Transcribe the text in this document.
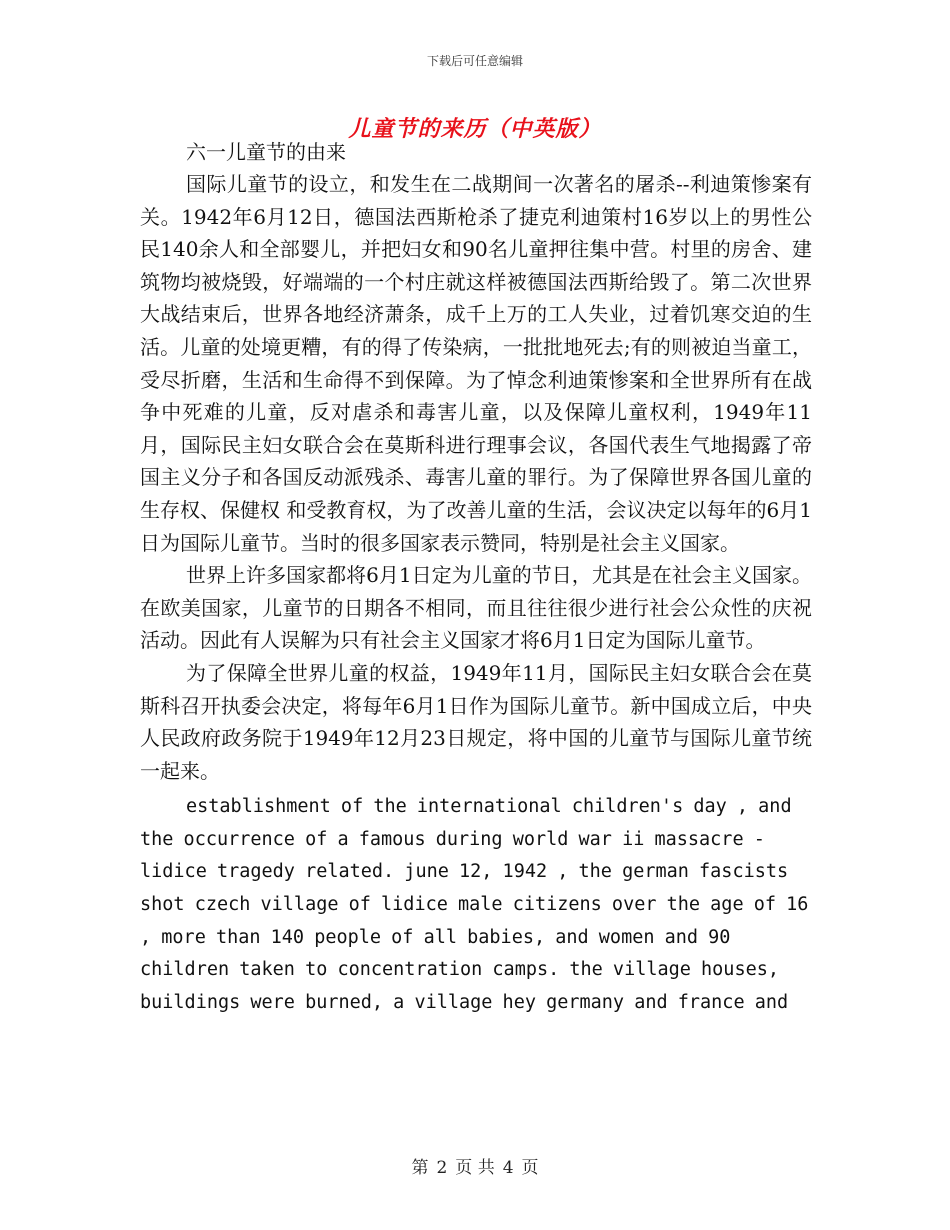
下载后可任意编辑
儿童节的来历（中英版）

六一儿童节的由来

国际儿童节的设立，和发生在二战期间一次著名的屠杀--利迪策惨案有关。1942年6月12日，德国法西斯枪杀了捷克利迪策村16岁以上的男性公民140余人和全部婴儿，并把妇女和90名儿童押往集中营。村里的房舍、建筑物均被烧毁，好端端的一个村庄就这样被德国法西斯给毁了。第二次世界大战结束后，世界各地经济萧条，成千上万的工人失业，过着饥寒交迫的生活。儿童的处境更糟，有的得了传染病，一批批地死去;有的则被迫当童工，受尽折磨，生活和生命得不到保障。为了悼念利迪策惨案和全世界所有在战争中死难的儿童，反对虐杀和毒害儿童，以及保障儿童权利，1949年11月，国际民主妇女联合会在莫斯科进行理事会议，各国代表生气地揭露了帝国主义分子和各国反动派残杀、毒害儿童的罪行。为了保障世界各国儿童的生存权、保健权 和受教育权，为了改善儿童的生活，会议决定以每年的6月1日为国际儿童节。当时的很多国家表示赞同，特别是社会主义国家。

世界上许多国家都将6月1日定为儿童的节日，尤其是在社会主义国家。在欧美国家，儿童节的日期各不相同，而且往往很少进行社会公众性的庆祝活动。因此有人误解为只有社会主义国家才将6月1日定为国际儿童节。

为了保障全世界儿童的权益，1949年11月，国际民主妇女联合会在莫斯科召开执委会决定，将每年6月1日作为国际儿童节。新中国成立后，中央人民政府政务院于1949年12月23日规定，将中国的儿童节与国际儿童节统一起来。

establishment of the international children's day , and the occurrence of a famous during world war ii massacre - lidice tragedy related. june 12, 1942 , the german fascists shot czech village of lidice male citizens over the age of 16 , more than 140 people of all babies, and women and 90 children taken to concentration camps. the village houses, buildings were burned, a village hey germany and france and

第 2 页 共 4 页
